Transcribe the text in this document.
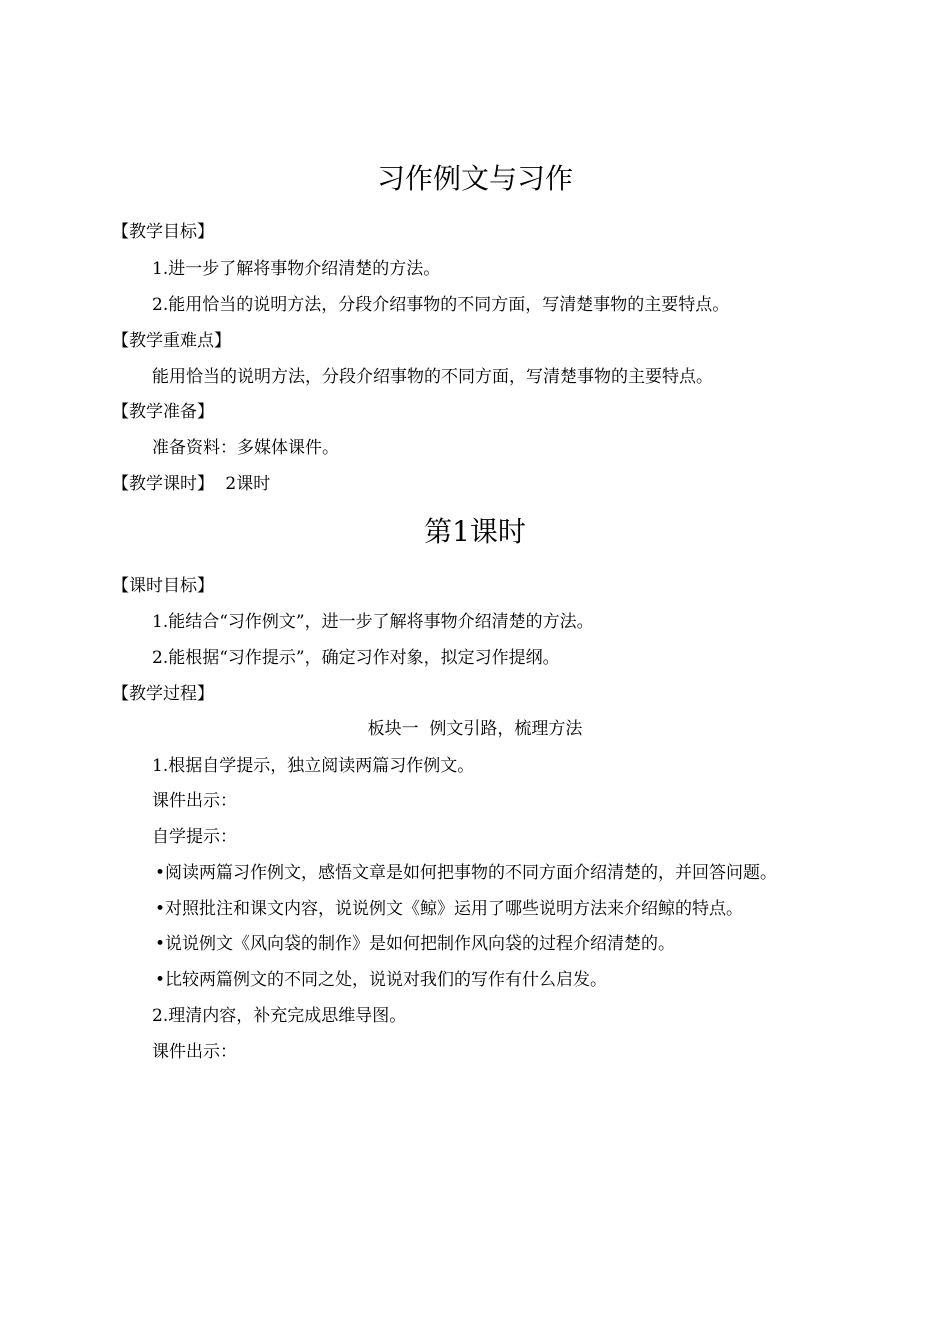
习作例文与习作
【教学目标】
1.进一步了解将事物介绍清楚的方法。
2.能用恰当的说明方法，分段介绍事物的不同方面，写清楚事物的主要特点。
【教学重难点】
能用恰当的说明方法，分段介绍事物的不同方面，写清楚事物的主要特点。
【教学准备】
准备资料：多媒体课件。
【教学课时】 2课时
第1课时
【课时目标】
1.能结合“习作例文”，进一步了解将事物介绍清楚的方法。
2.能根据“习作提示”，确定习作对象，拟定习作提纲。
【教学过程】
板块一  例文引路，梳理方法
1.根据自学提示，独立阅读两篇习作例文。
课件出示：
自学提示：
•阅读两篇习作例文，感悟文章是如何把事物的不同方面介绍清楚的，并回答问题。
•对照批注和课文内容，说说例文《鲸》运用了哪些说明方法来介绍鲸的特点。
•说说例文《风向袋的制作》是如何把制作风向袋的过程介绍清楚的。
•比较两篇例文的不同之处，说说对我们的写作有什么启发。
2.理清内容，补充完成思维导图。
课件出示：
